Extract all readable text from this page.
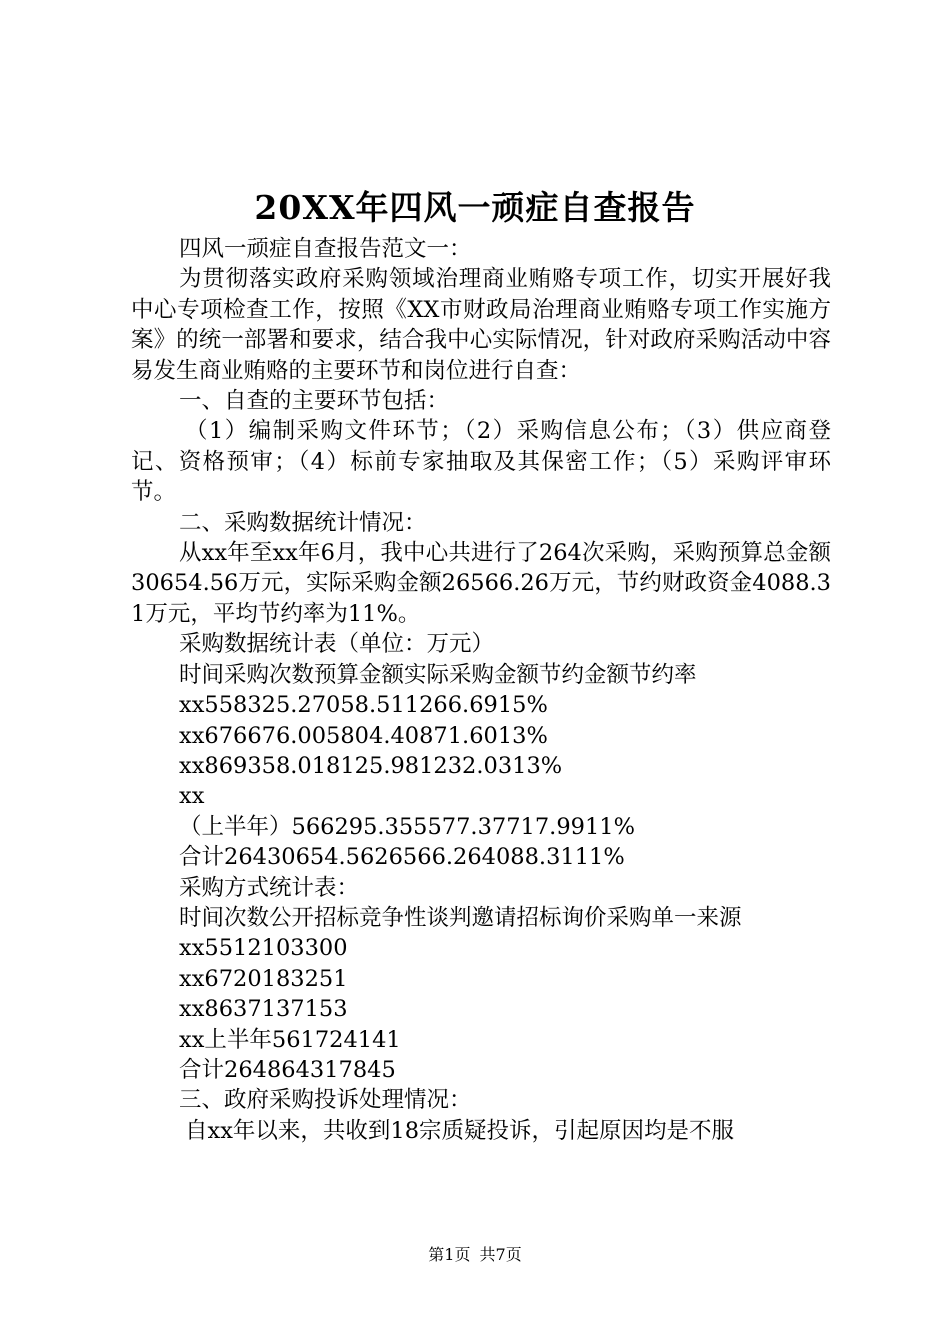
20XX年四风一顽症自查报告

四风一顽症自查报告范文一：

为贯彻落实政府采购领域治理商业贿赂专项工作，切实开展好我中心专项检查工作，按照《XX市财政局治理商业贿赂专项工作实施方案》的统一部署和要求，结合我中心实际情况，针对政府采购活动中容易发生商业贿赂的主要环节和岗位进行自查：

一、自查的主要环节包括：

（1）编制采购文件环节；（2）采购信息公布；（3）供应商登记、资格预审；（4）标前专家抽取及其保密工作；（5）采购评审环节。

二、采购数据统计情况：

从xx年至xx年6月，我中心共进行了264次采购，采购预算总金额30654.56万元，实际采购金额26566.26万元，节约财政资金4088.31万元，平均节约率为11%。

采购数据统计表（单位：万元）

时间采购次数预算金额实际采购金额节约金额节约率

xx558325.27058.511266.6915%

xx676676.005804.40871.6013%

xx869358.018125.981232.0313%

xx

（上半年）566295.355577.37717.9911%

合计26430654.5626566.264088.3111%

采购方式统计表：

时间次数公开招标竞争性谈判邀请招标询价采购单一来源

xx5512103300

xx6720183251

xx8637137153

xx上半年561724141

合计264864317845

三、政府采购投诉处理情况：

自xx年以来，共收到18宗质疑投诉，引起原因均是不服

第1页 共7页
